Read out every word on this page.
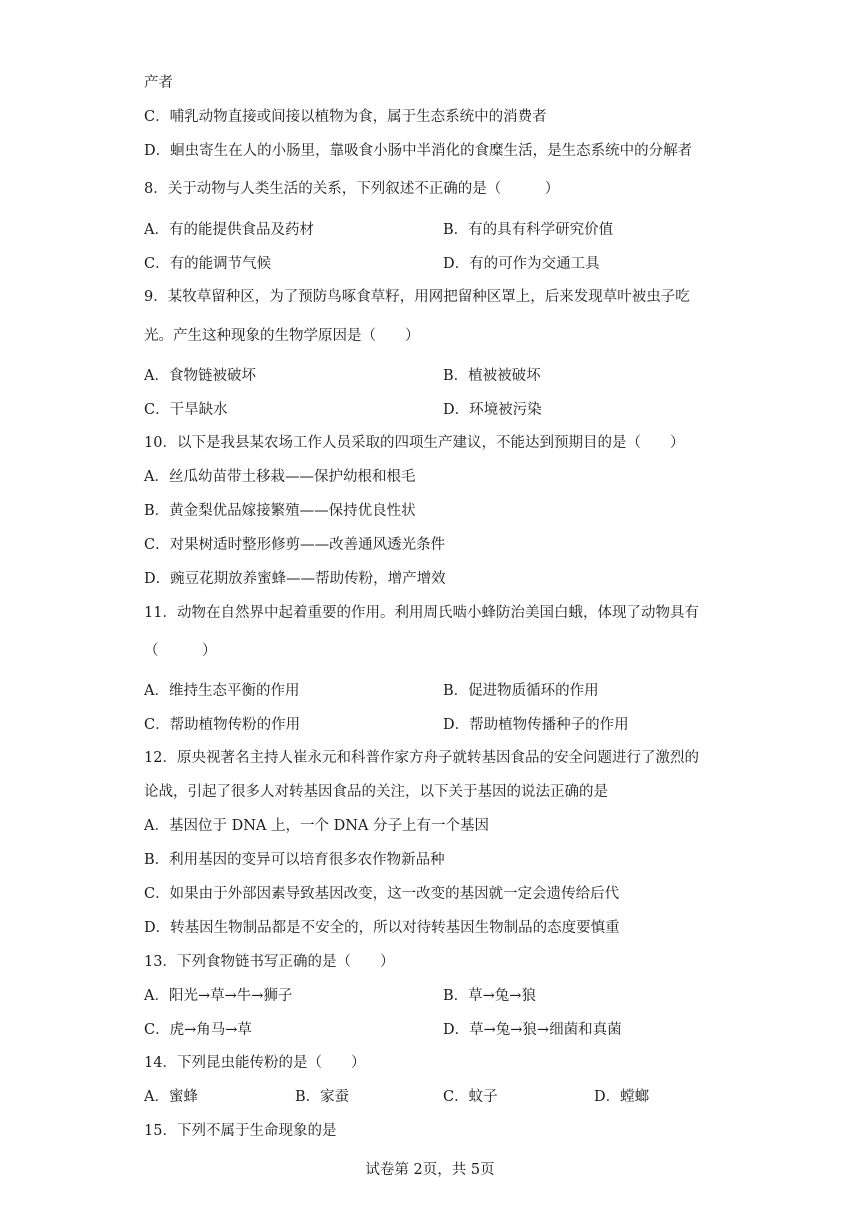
产者
C．哺乳动物直接或间接以植物为食，属于生态系统中的消费者
D．蛔虫寄生在人的小肠里，靠吸食小肠中半消化的食糜生活，是生态系统中的分解者
8．关于动物与人类生活的关系，下列叙述不正确的是（　　　）
A．有的能提供食品及药材	B．有的具有科学研究价值
C．有的能调节气候	D．有的可作为交通工具
9．某牧草留种区，为了预防鸟啄食草籽，用网把留种区罩上，后来发现草叶被虫子吃
光。产生这种现象的生物学原因是（　　）
A．食物链被破坏	B．植被被破坏
C．干旱缺水	D．环境被污染
10．以下是我县某农场工作人员采取的四项生产建议，不能达到预期目的是（　　）
A．丝瓜幼苗带土移栽——保护幼根和根毛
B．黄金梨优品嫁接繁殖——保持优良性状
C．对果树适时整形修剪——改善通风透光条件
D．豌豆花期放养蜜蜂——帮助传粉，增产增效
11．动物在自然界中起着重要的作用。利用周氏啮小蜂防治美国白蛾，体现了动物具有
（　　　）
A．维持生态平衡的作用	B．促进物质循环的作用
C．帮助植物传粉的作用	D．帮助植物传播种子的作用
12．原央视著名主持人崔永元和科普作家方舟子就转基因食品的安全问题进行了激烈的
论战，引起了很多人对转基因食品的关注，以下关于基因的说法正确的是
A．基因位于 DNA 上，一个 DNA 分子上有一个基因
B．利用基因的变异可以培育很多农作物新品种
C．如果由于外部因素导致基因改变，这一改变的基因就一定会遗传给后代
D．转基因生物制品都是不安全的，所以对待转基因生物制品的态度要慎重
13．下列食物链书写正确的是（　　）
A．阳光→草→牛→狮子	B．草→兔→狼
C．虎→角马→草	D．草→兔→狼→细菌和真菌
14．下列昆虫能传粉的是（　　）
A．蜜蜂	B．家蚕	C．蚊子	D．螳螂
15．下列不属于生命现象的是
试卷第 2页，共 5页
